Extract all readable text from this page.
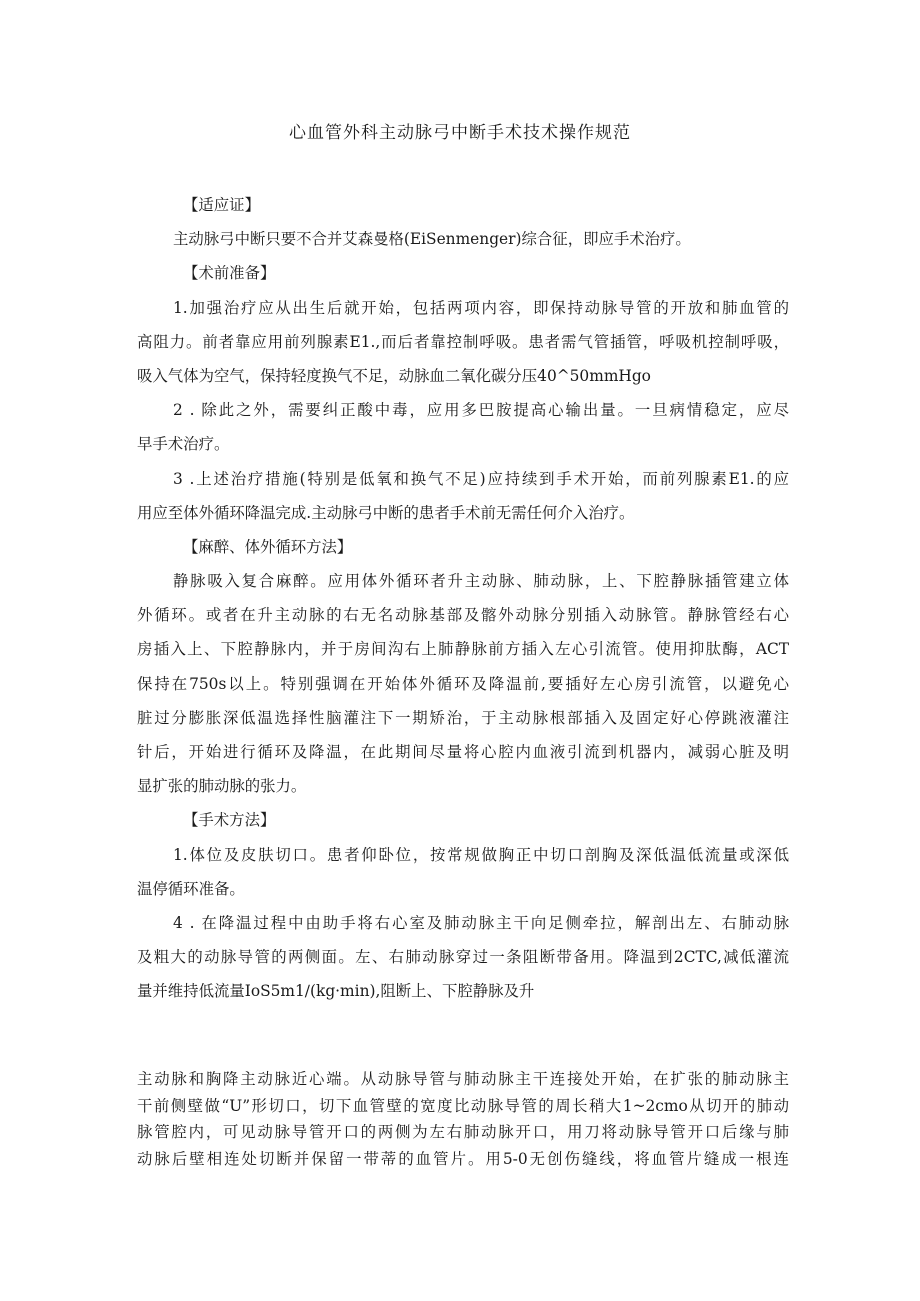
心血管外科主动脉弓中断手术技术操作规范
【适应证】
主动脉弓中断只要不合并艾森曼格(EiSenmenger)综合征，即应手术治疗。
【术前准备】
1.加强治疗应从出生后就开始，包括两项内容，即保持动脉导管的开放和肺血管的
高阻力。前者靠应用前列腺素E1.,而后者靠控制呼吸。患者需气管插管，呼吸机控制呼吸，
吸入气体为空气，保持轻度换气不足，动脉血二氧化碳分压40^50mmHgo
2 . 除此之外，需要纠正酸中毒，应用多巴胺提高心输出量。一旦病情稳定，应尽
早手术治疗。
3 .上述治疗措施(特别是低氧和换气不足)应持续到手术开始，而前列腺素E1.的应
用应至体外循环降温完成.主动脉弓中断的患者手术前无需任何介入治疗。
【麻醉、体外循环方法】
静脉吸入复合麻醉。应用体外循环者升主动脉、肺动脉，上、下腔静脉插管建立体
外循环。或者在升主动脉的右无名动脉基部及髂外动脉分别插入动脉管。静脉管经右心
房插入上、下腔静脉内，并于房间沟右上肺静脉前方插入左心引流管。使用抑肽酶，ACT
保持在750s以上。特别强调在开始体外循环及降温前,要插好左心房引流管，以避免心
脏过分膨胀深低温选择性脑灌注下一期矫治，于主动脉根部插入及固定好心停跳液灌注
针后，开始进行循环及降温，在此期间尽量将心腔内血液引流到机器内，减弱心脏及明
显扩张的肺动脉的张力。
【手术方法】
1.体位及皮肤切口。患者仰卧位，按常规做胸正中切口剖胸及深低温低流量或深低
温停循环准备。
4 . 在降温过程中由助手将右心室及肺动脉主干向足侧牵拉，解剖出左、右肺动脉
及粗大的动脉导管的两侧面。左、右肺动脉穿过一条阻断带备用。降温到2CTC,减低灌流
量并维持低流量IoS5m1∕(kg·min),阻断上、下腔静脉及升
主动脉和胸降主动脉近心端。从动脉导管与肺动脉主干连接处开始，在扩张的肺动脉主
干前侧壁做“U”形切口，切下血管壁的宽度比动脉导管的周长稍大1~2cmo从切开的肺动
脉管腔内，可见动脉导管开口的两侧为左右肺动脉开口，用刀将动脉导管开口后缘与肺
动脉后壁相连处切断并保留一带蒂的血管片。用5-0无创伤缝线，将血管片缝成一根连
